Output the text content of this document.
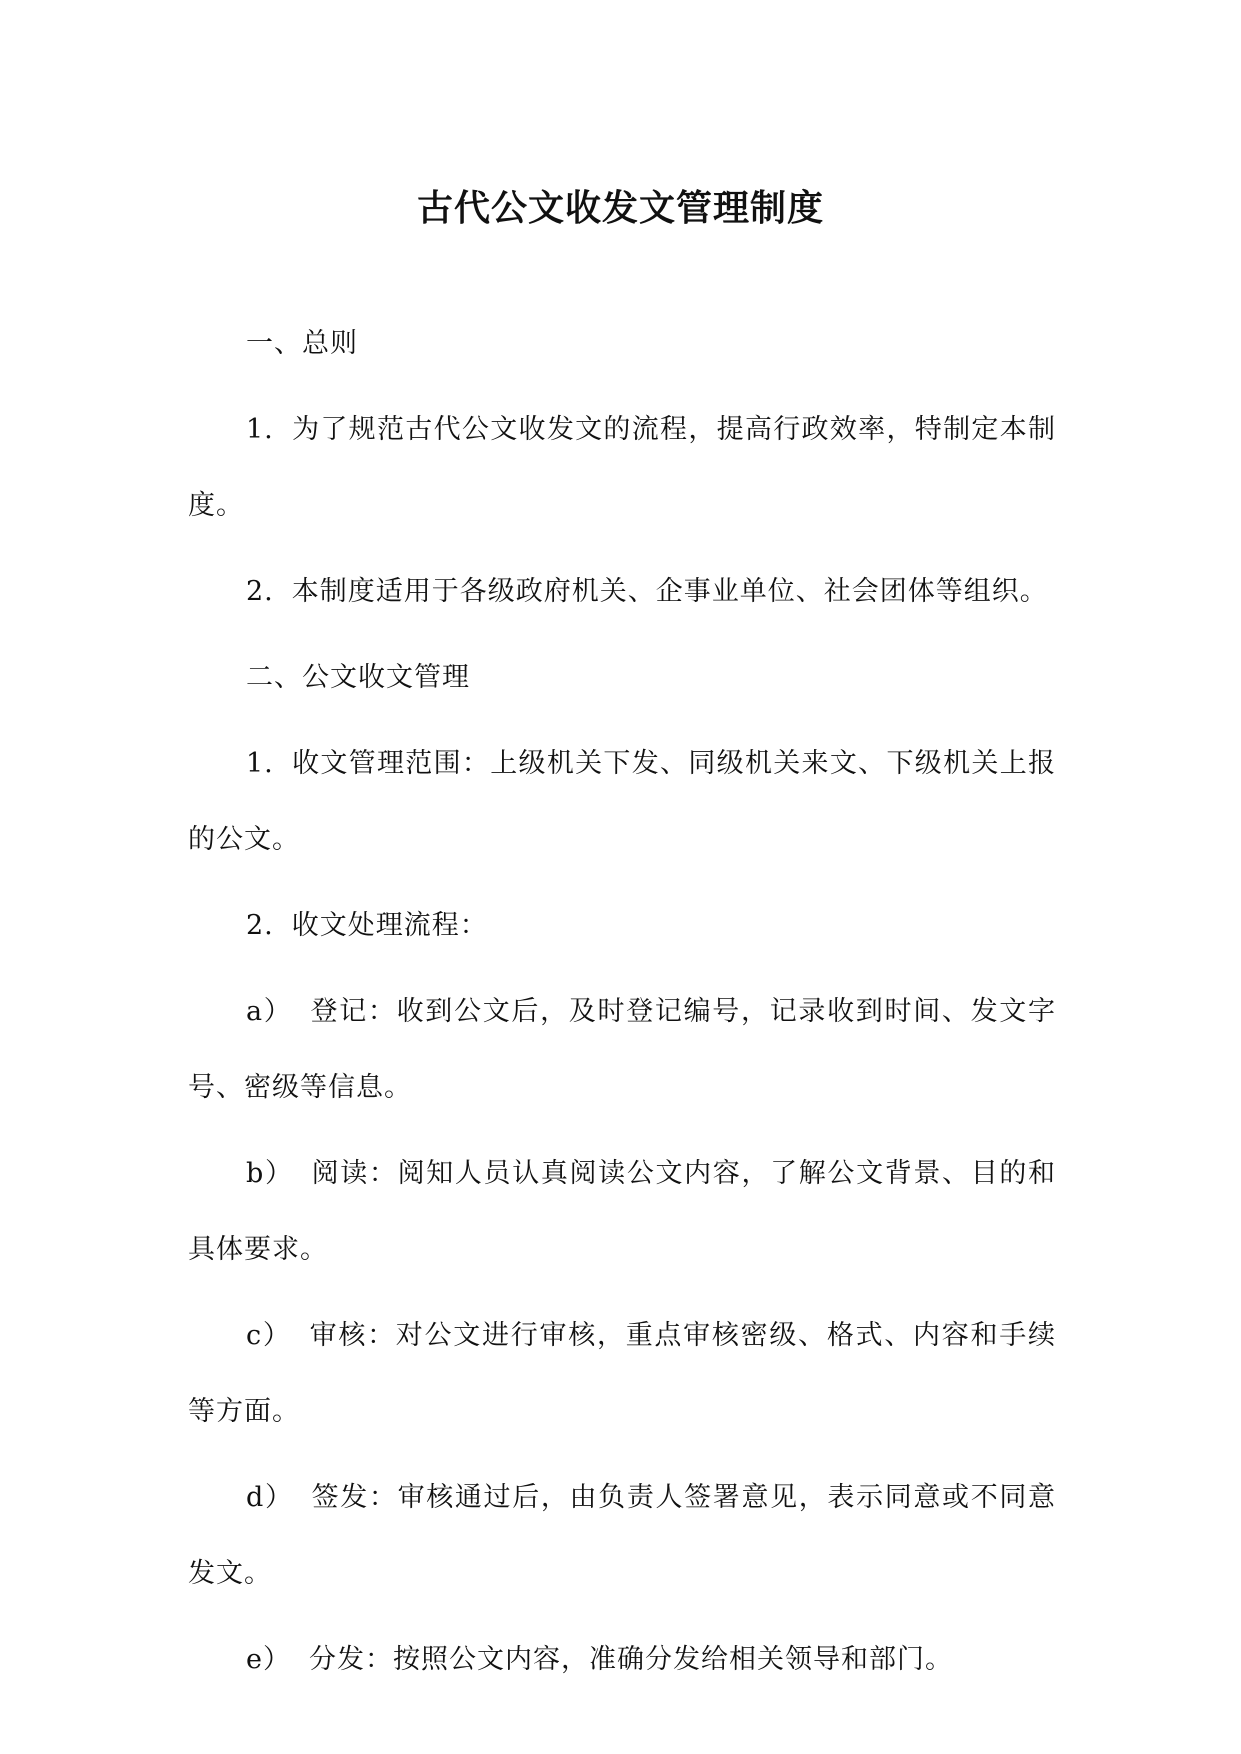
古代公文收发文管理制度

一、总则

1. 为了规范古代公文收发文的流程，提高行政效率，特制定本制度。

2. 本制度适用于各级政府机关、企事业单位、社会团体等组织。

二、公文收文管理

1. 收文管理范围：上级机关下发、同级机关来文、下级机关上报的公文。

2. 收文处理流程：

a） 登记：收到公文后，及时登记编号，记录收到时间、发文字号、密级等信息。

b） 阅读：阅知人员认真阅读公文内容，了解公文背景、目的和具体要求。

c） 审核：对公文进行审核，重点审核密级、格式、内容和手续等方面。

d） 签发：审核通过后，由负责人签署意见，表示同意或不同意发文。

e） 分发：按照公文内容，准确分发给相关领导和部门。
